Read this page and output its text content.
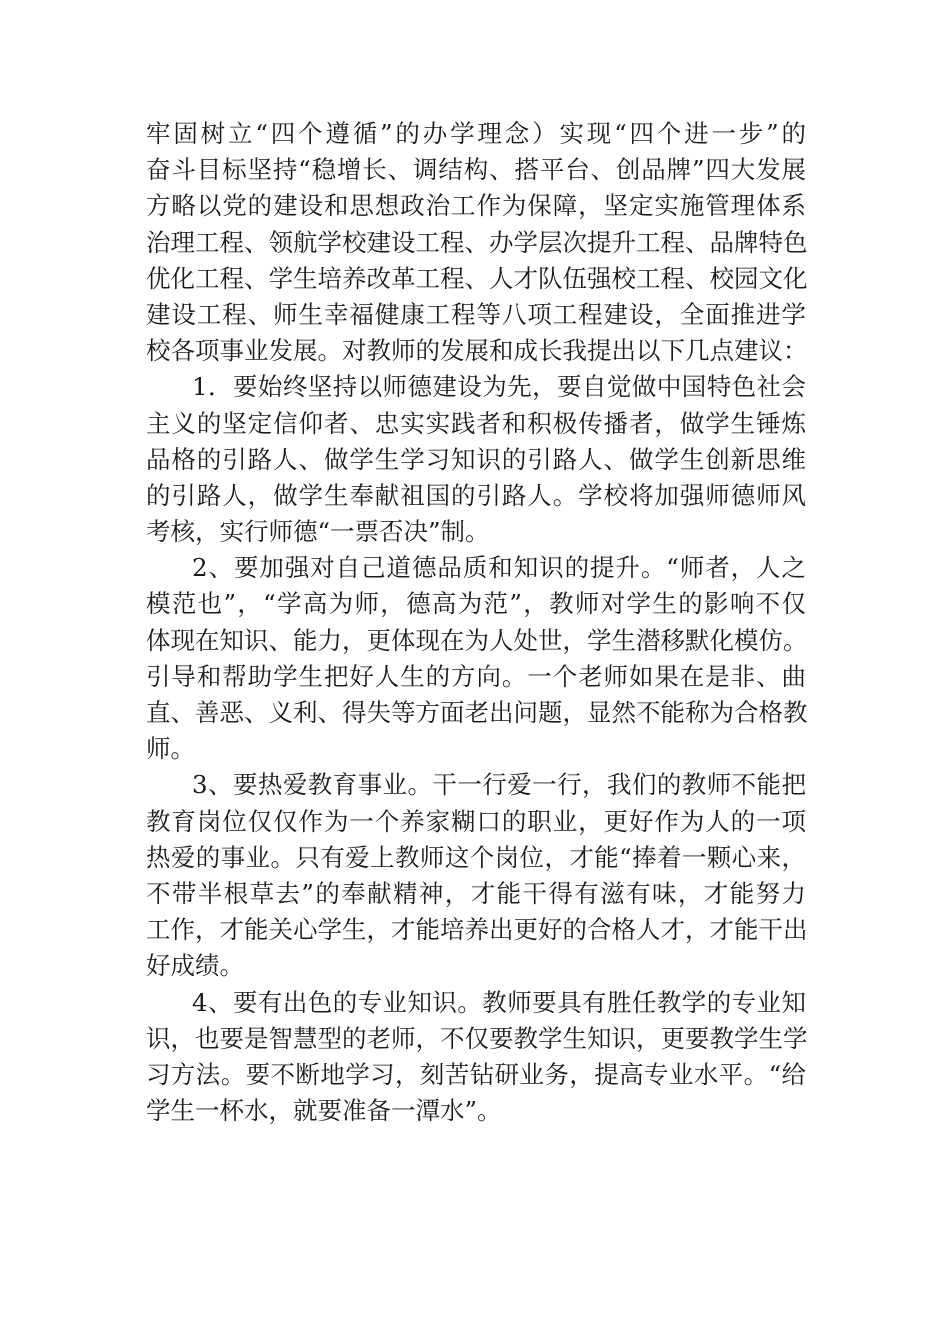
牢固树立“四个遵循”的办学理念）实现“四个进一步”的
奋斗目标坚持“稳增长、调结构、搭平台、创品牌”四大发展
方略以党的建设和思想政治工作为保障，坚定实施管理体系
治理工程、领航学校建设工程、办学层次提升工程、品牌特色
优化工程、学生培养改革工程、人才队伍强校工程、校园文化
建设工程、师生幸福健康工程等八项工程建设，全面推进学
校各项事业发展。对教师的发展和成长我提出以下几点建议：
1．要始终坚持以师德建设为先，要自觉做中国特色社会
主义的坚定信仰者、忠实实践者和积极传播者，做学生锤炼
品格的引路人、做学生学习知识的引路人、做学生创新思维
的引路人，做学生奉献祖国的引路人。学校将加强师德师风
考核，实行师德“一票否决”制。
2、要加强对自己道德品质和知识的提升。“师者，人之
模范也”，“学高为师，德高为范”，教师对学生的影响不仅
体现在知识、能力，更体现在为人处世，学生潜移默化模仿。
引导和帮助学生把好人生的方向。一个老师如果在是非、曲
直、善恶、义利、得失等方面老出问题，显然不能称为合格教
师。
3、要热爱教育事业。干一行爱一行，我们的教师不能把
教育岗位仅仅作为一个养家糊口的职业，更好作为人的一项
热爱的事业。只有爱上教师这个岗位，才能“捧着一颗心来，
不带半根草去”的奉献精神，才能干得有滋有味，才能努力
工作，才能关心学生，才能培养出更好的合格人才，才能干出
好成绩。
4、要有出色的专业知识。教师要具有胜任教学的专业知
识，也要是智慧型的老师，不仅要教学生知识，更要教学生学
习方法。要不断地学习，刻苦钻研业务，提高专业水平。“给
学生一杯水，就要准备一潭水”。
